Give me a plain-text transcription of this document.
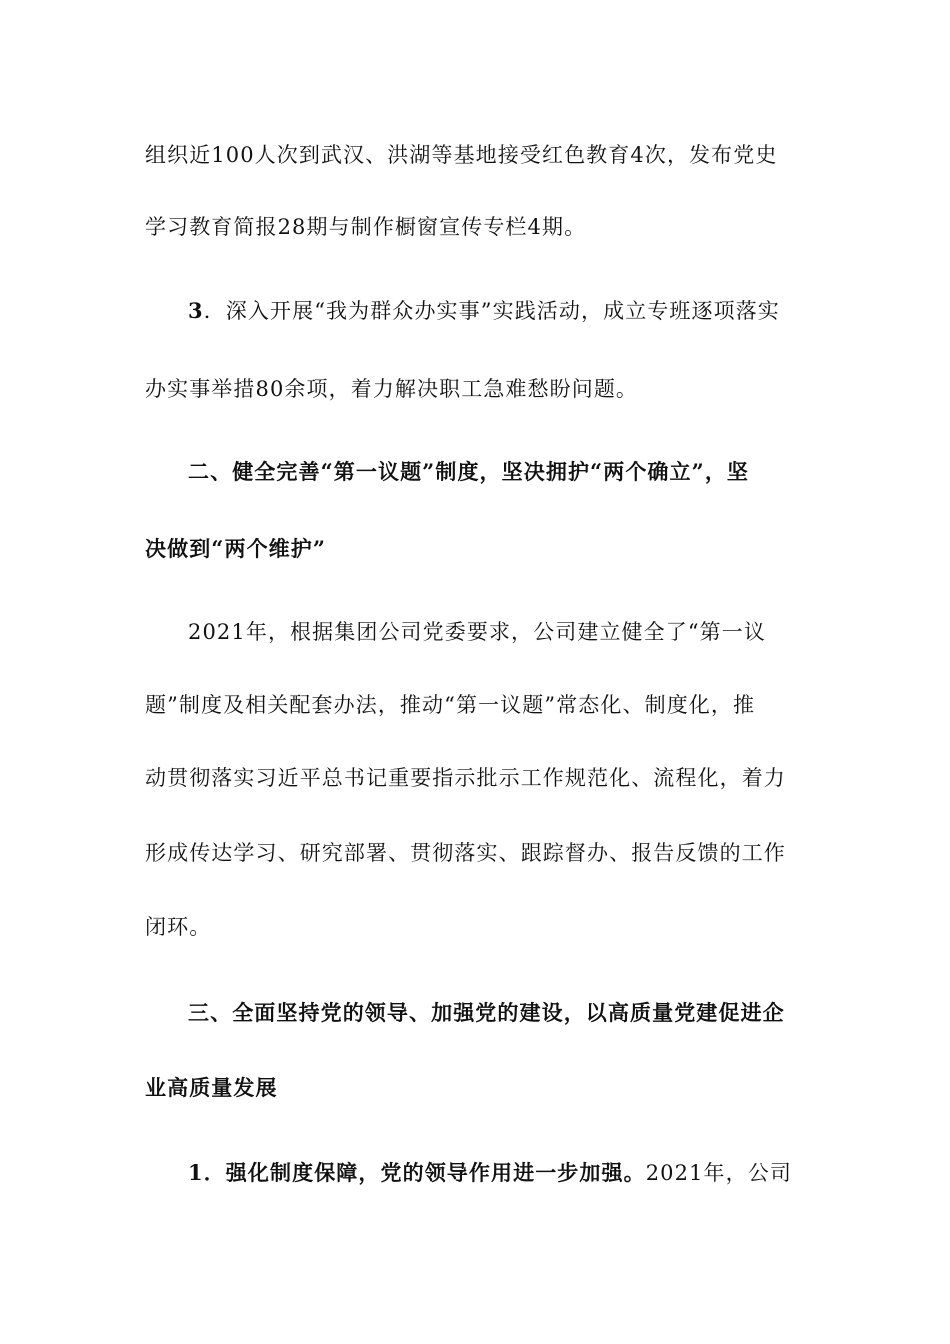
组织近100人次到武汉、洪湖等基地接受红色教育4次，发布党史
学习教育简报28期与制作橱窗宣传专栏4期。
3．深入开展“我为群众办实事”实践活动，成立专班逐项落实
办实事举措80余项，着力解决职工急难愁盼问题。
二、健全完善“第一议题”制度，坚决拥护“两个确立”，坚
决做到“两个维护”
2021年，根据集团公司党委要求，公司建立健全了“第一议
题”制度及相关配套办法，推动“第一议题”常态化、制度化，推
动贯彻落实习近平总书记重要指示批示工作规范化、流程化，着力
形成传达学习、研究部署、贯彻落实、跟踪督办、报告反馈的工作
闭环。
三、全面坚持党的领导、加强党的建设，以高质量党建促进企
业高质量发展
1．强化制度保障，党的领导作用进一步加强。2021年，公司
